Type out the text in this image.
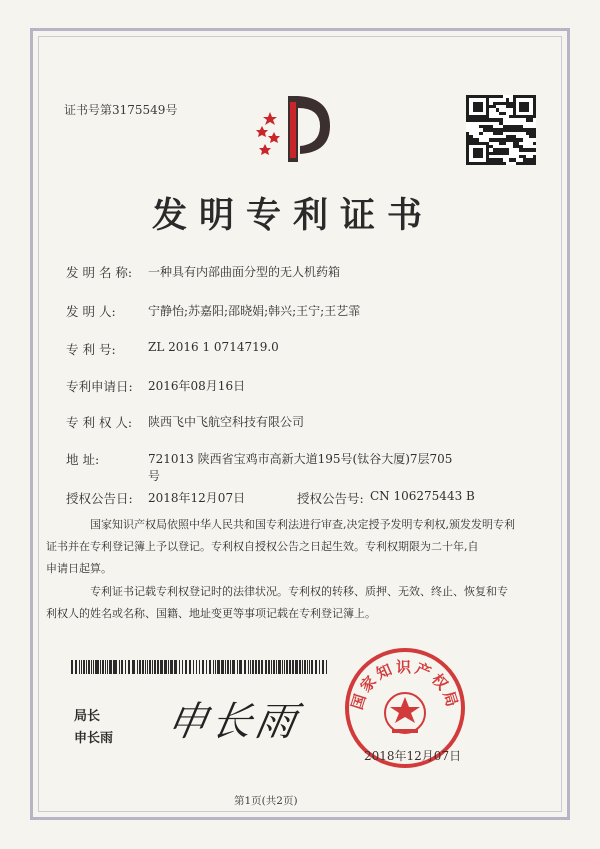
证书号第3175549号
发明专利证书
发 明 名 称: 一种具有内部曲面分型的无人机药箱
发 明 人:	宁静怡;苏嘉阳;邵晓娟;韩兴;王宁;王艺霏
专 利 号:	ZL 2016 1 0714719.0
专利申请日: 2016年08月16日
专 利 权 人: 陕西飞中飞航空科技有限公司
地 址:	721013 陕西省宝鸡市高新大道195号(钛谷大厦)7层705
号
授权公告日: 2018年12月07日	授权公告号: CN 106275443 B
国家知识产权局依照中华人民共和国专利法进行审查,决定授予发明专利权,颁发发明专利
证书并在专利登记簿上予以登记。专利权自授权公告之日起生效。专利权期限为二十年,自
申请日起算。
专利证书记载专利权登记时的法律状况。专利权的转移、质押、无效、终止、恢复和专
利权人的姓名或名称、国籍、地址变更等事项记载在专利登记簿上。
局长
申长雨 申长雨	国家知识产权局
2018年12月07日
第1页(共2页)
